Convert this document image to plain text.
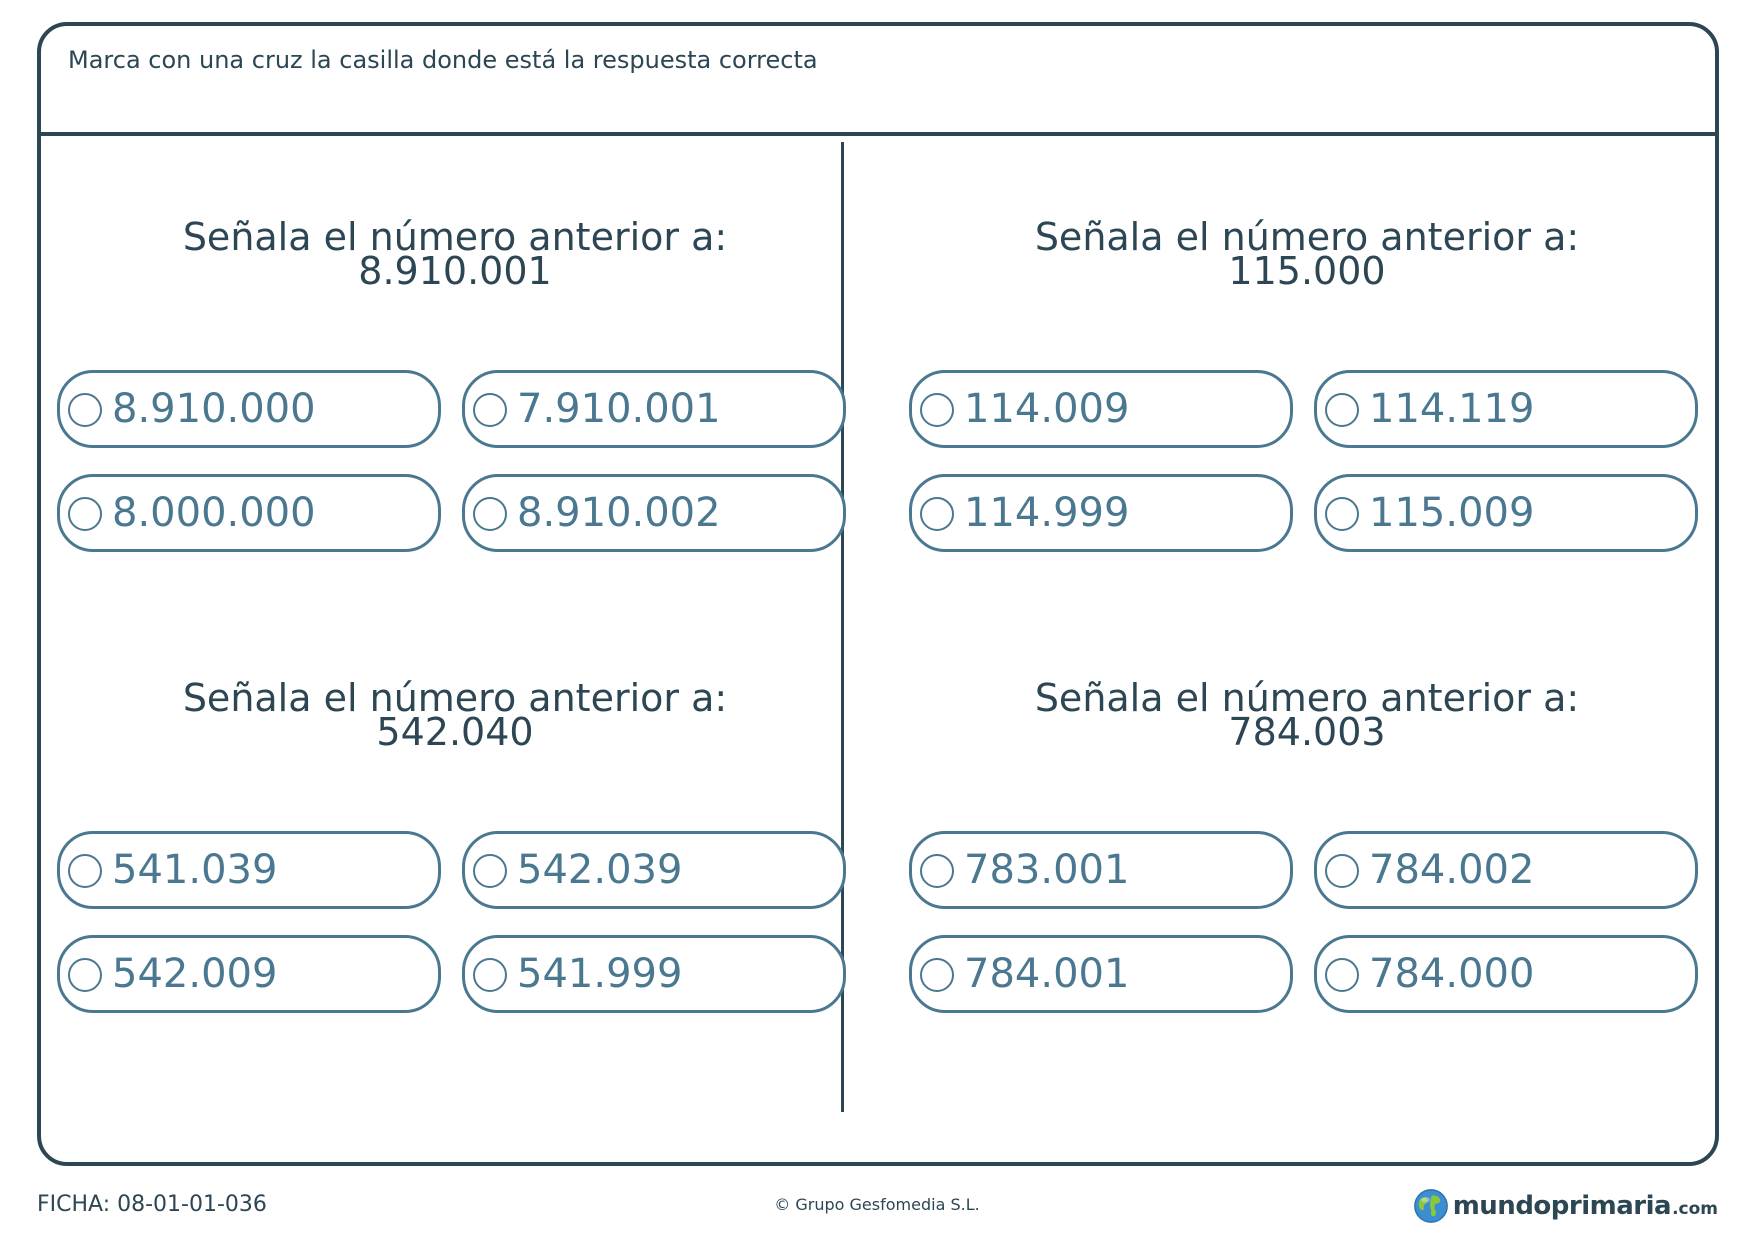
Marca con una cruz la casilla donde está la respuesta correcta
Señala el número anterior a:
8.910.001
8.910.000	7.910.001
8.000.000	8.910.002
Señala el número anterior a:
115.000
114.009	114.119
114.999	115.009
Señala el número anterior a:
542.040
541.039	542.039
542.009	541.999
Señala el número anterior a:
784.003
783.001	784.002
784.001	784.000
FICHA: 08-01-01-036	© Grupo Gesfomedia S.L.	mundoprimaria .com
